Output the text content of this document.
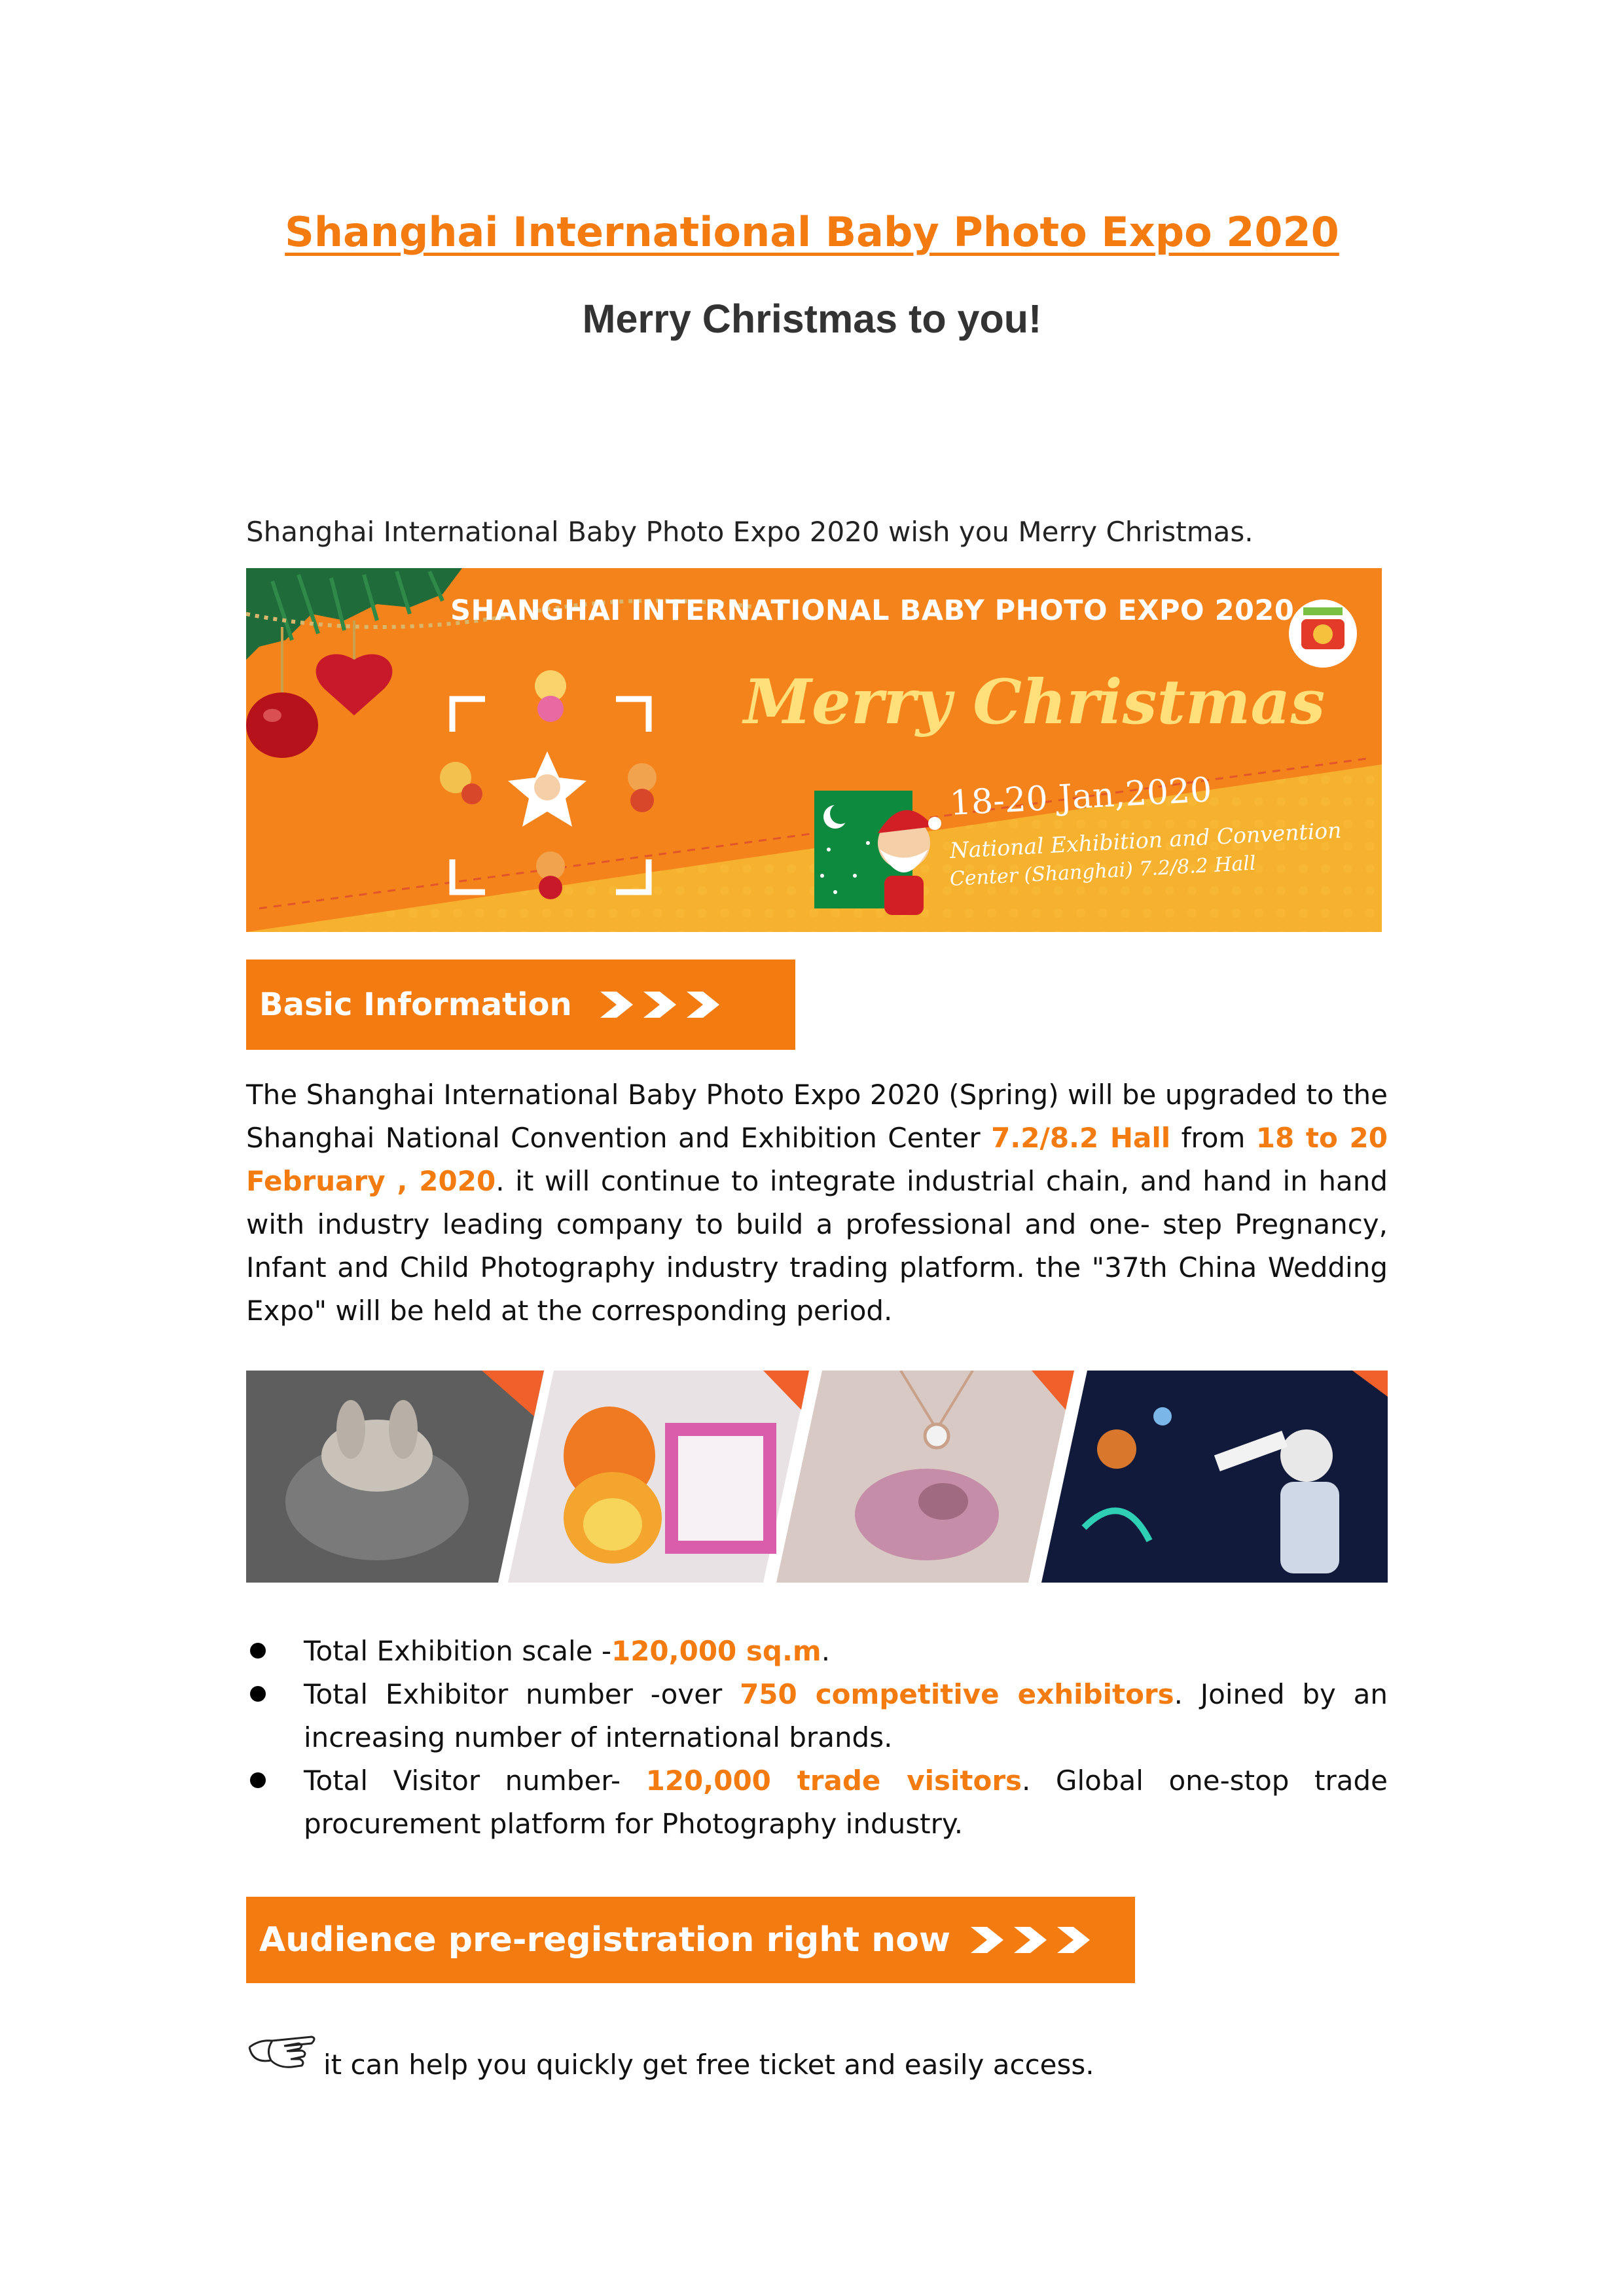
Shanghai International Baby Photo Expo 2020
Merry Christmas to you!
Shanghai International Baby Photo Expo 2020 wish you Merry Christmas.
SHANGHAI INTERNATIONAL BABY PHOTO EXPO 2020
Merry Christmas
18-20 Jan,2020
National Exhibition and Convention
Center (Shanghai) 7.2/8.2 Hall
Basic Information
The Shanghai International Baby Photo Expo 2020 (Spring) will be upgraded to the Shanghai National Convention and Exhibition Center 7.2/8.2 Hall from 18 to 20 February , 2020. it will continue to integrate industrial chain, and hand in hand with industry leading company to build a professional and one- step Pregnancy, Infant and Child Photography industry trading platform. the "37th China Wedding Expo" will be held at the corresponding period.
Total Exhibition scale -120,000 sq.m.
Total Exhibitor number -over 750 competitive exhibitors. Joined by an increasing number of international brands.
Total Visitor number- 120,000 trade visitors. Global one-stop trade procurement platform for Photography industry.
Audience pre-registration right now
it can help you quickly get free ticket and easily access.
